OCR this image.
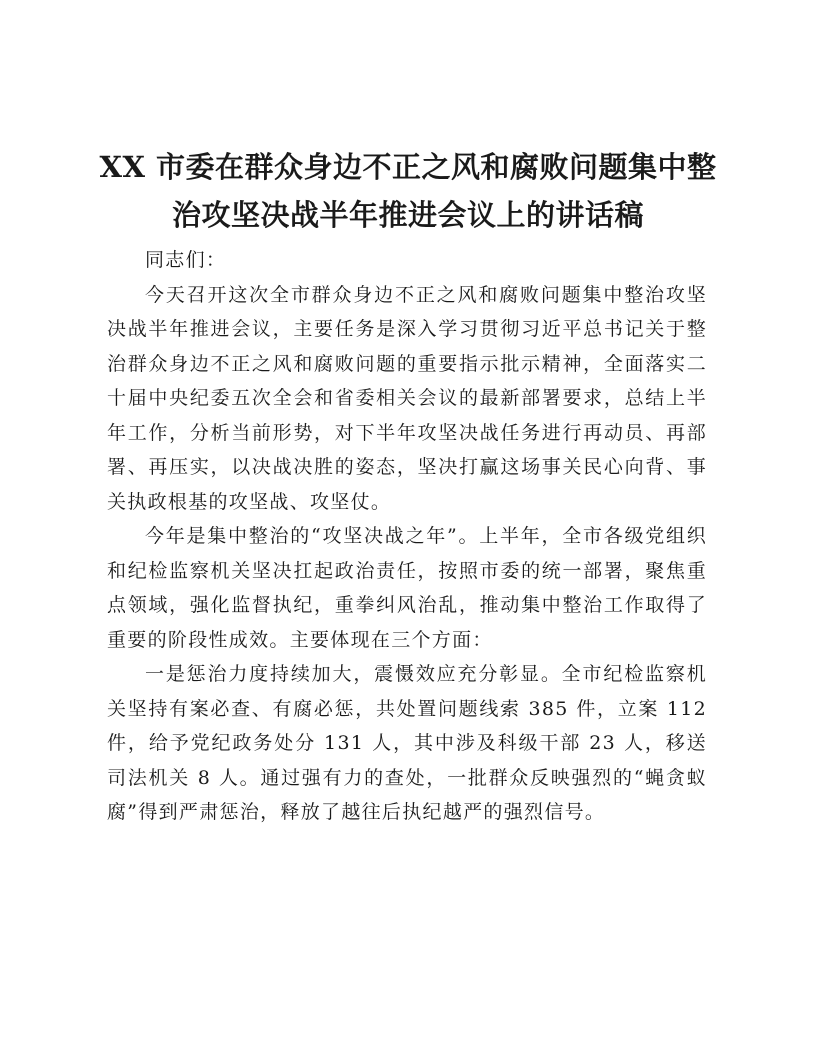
XX 市委在群众身边不正之风和腐败问题集中整
治攻坚决战半年推进会议上的讲话稿

同志们：

今天召开这次全市群众身边不正之风和腐败问题集中整治攻坚决战半年推进会议，主要任务是深入学习贯彻习近平总书记关于整治群众身边不正之风和腐败问题的重要指示批示精神，全面落实二十届中央纪委五次全会和省委相关会议的最新部署要求，总结上半年工作，分析当前形势，对下半年攻坚决战任务进行再动员、再部署、再压实，以决战决胜的姿态，坚决打赢这场事关民心向背、事关执政根基的攻坚战、攻坚仗。

今年是集中整治的“攻坚决战之年”。上半年，全市各级党组织和纪检监察机关坚决扛起政治责任，按照市委的统一部署，聚焦重点领域，强化监督执纪，重拳纠风治乱，推动集中整治工作取得了重要的阶段性成效。主要体现在三个方面：

一是惩治力度持续加大，震慑效应充分彰显。全市纪检监察机关坚持有案必查、有腐必惩，共处置问题线索 385 件，立案 112 件，给予党纪政务处分 131 人，其中涉及科级干部 23 人，移送司法机关 8 人。通过强有力的查处，一批群众反映强烈的“蝇贪蚁腐”得到严肃惩治，释放了越往后执纪越严的强烈信号。
